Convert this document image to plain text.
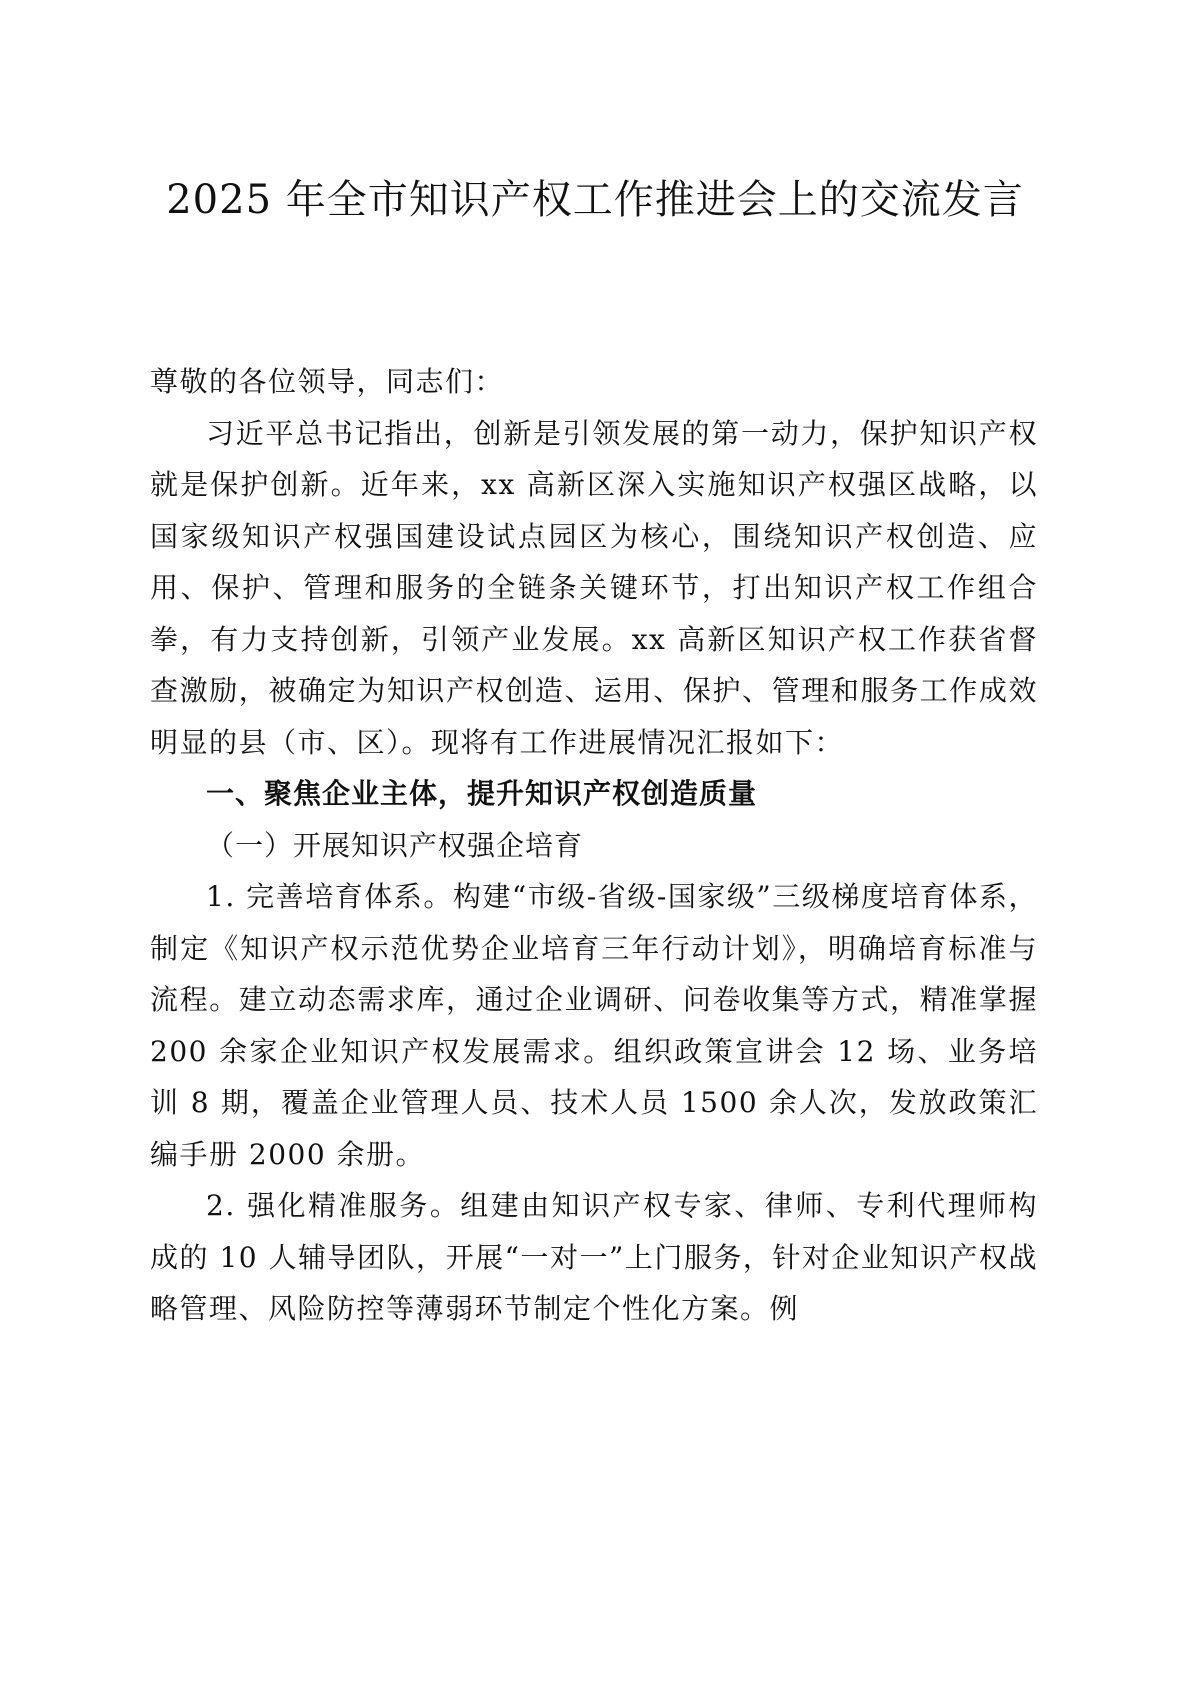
2025 年全市知识产权工作推进会上的交流发言

尊敬的各位领导，同志们：

习近平总书记指出，创新是引领发展的第一动力，保护知识产权就是保护创新。近年来，xx 高新区深入实施知识产权强区战略，以国家级知识产权强国建设试点园区为核心，围绕知识产权创造、应用、保护、管理和服务的全链条关键环节，打出知识产权工作组合拳，有力支持创新，引领产业发展。xx 高新区知识产权工作获省督查激励，被确定为知识产权创造、运用、保护、管理和服务工作成效明显的县（市、区）。现将有工作进展情况汇报如下：

一、聚焦企业主体，提升知识产权创造质量

（一）开展知识产权强企培育

1. 完善培育体系。构建“市级-省级-国家级”三级梯度培育体系，制定《知识产权示范优势企业培育三年行动计划》，明确培育标准与流程。建立动态需求库，通过企业调研、问卷收集等方式，精准掌握 200 余家企业知识产权发展需求。组织政策宣讲会 12 场、业务培训 8 期，覆盖企业管理人员、技术人员 1500 余人次，发放政策汇编手册 2000 余册。

2. 强化精准服务。组建由知识产权专家、律师、专利代理师构成的 10 人辅导团队，开展“一对一”上门服务，针对企业知识产权战略管理、风险防控等薄弱环节制定个性化方案。例
